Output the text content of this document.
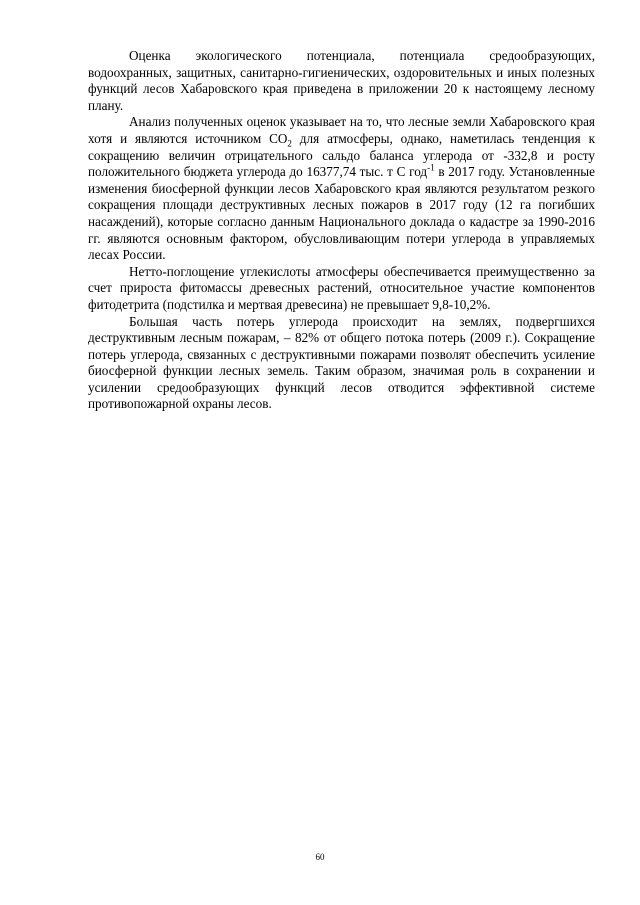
Оценка экологического потенциала, потенциала средообразующих, водоохранных, защитных, санитарно-гигиенических, оздоровительных и иных полезных функций лесов Хабаровского края приведена в приложении 20 к настоящему лесному плану.

Анализ полученных оценок указывает на то, что лесные земли Хабаровского края хотя и являются источником $CO_2$ для атмосферы, однако, наметилась тенденция к сокращению величин отрицательного сальдо баланса углерода от -332,8 и росту положительного бюджета углерода до 16377,74 тыс. т С год$^{-1}$ в 2017 году. Установленные изменения биосферной функции лесов Хабаровского края являются результатом резкого сокращения площади деструктивных лесных пожаров в 2017 году (12 га погибших насаждений), которые согласно данным Национального доклада о кадастре за 1990-2016 гг. являются основным фактором, обусловливающим потери углерода в управляемых лесах России.

Нетто-поглощение углекислоты атмосферы обеспечивается преимущественно за счет прироста фитомассы древесных растений, относительное участие компонентов фитодетрита (подстилка и мертвая древесина) не превышает 9,8-10,2%.

Большая часть потерь углерода происходит на землях, подвергшихся деструктивным лесным пожарам, – 82% от общего потока потерь (2009 г.). Сокращение потерь углерода, связанных с деструктивными пожарами позволят обеспечить усиление биосферной функции лесных земель. Таким образом, значимая роль в сохранении и усилении средообразующих функций лесов отводится эффективной системе противопожарной охраны лесов.

60
